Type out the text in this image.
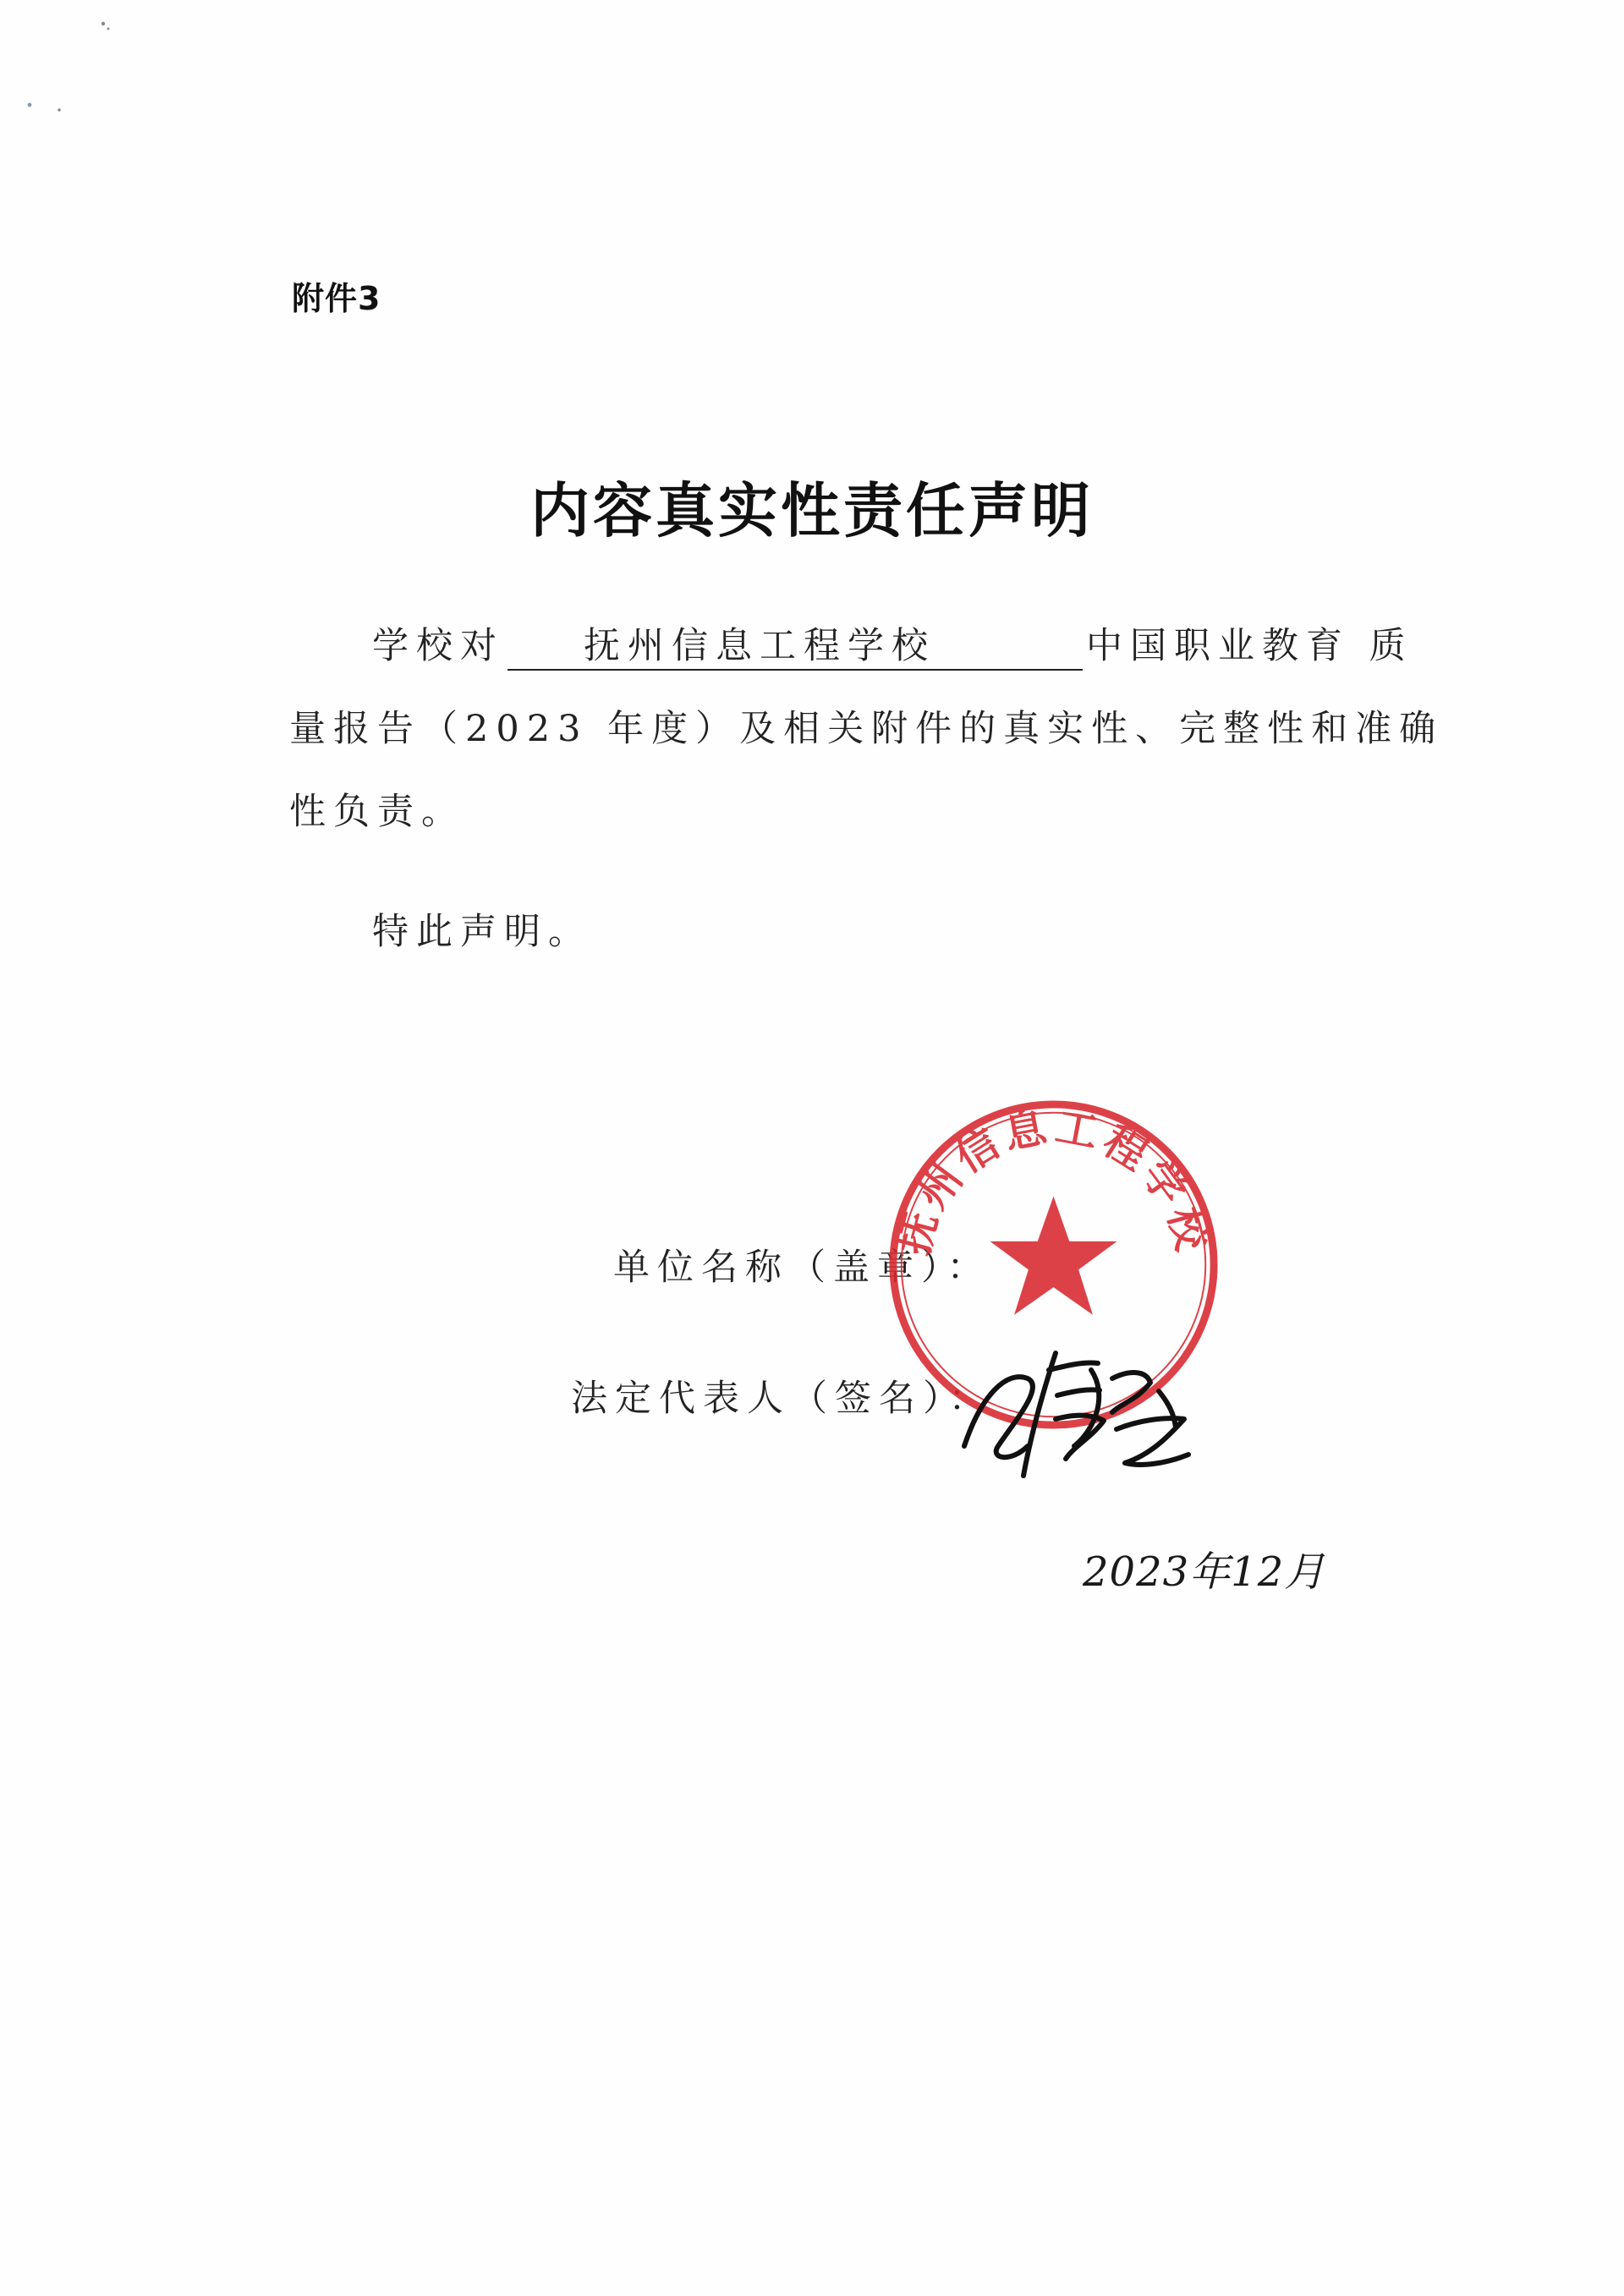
附件3
内容真实性责任声明
学校对 抚州信息工程学校	中国职业教育 质
量报告（2023 年度）及相关附件的真实性、完整性和准确
性负责。
特此声明。
单位名称（盖章）：
法定代表人（签名）：
抚州信息工程学校
2023年12月
